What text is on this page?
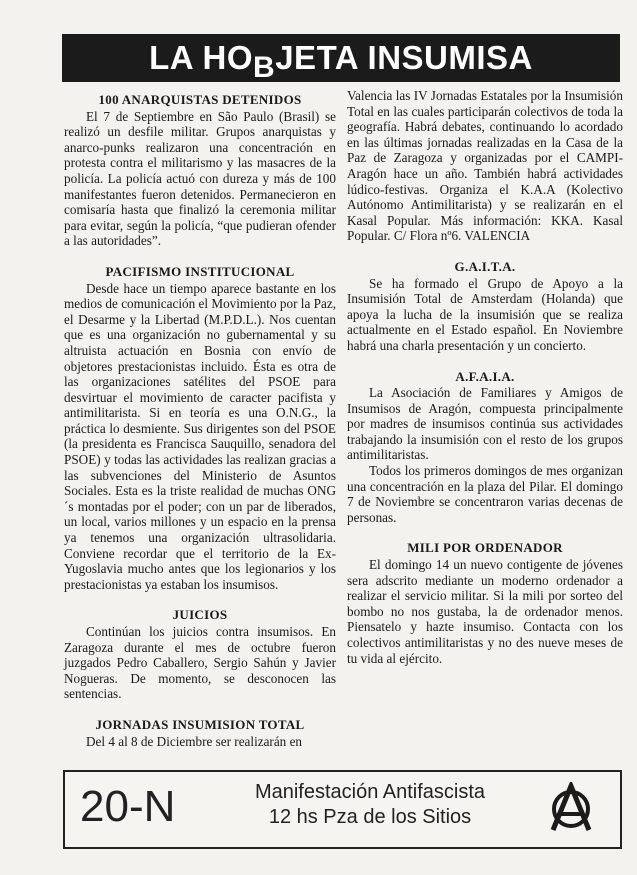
LA HO B JETA INSUMISA
100 ANARQUISTAS DETENIDOS

El 7 de Septiembre en São Paulo (Brasil) se realizó un desfile militar. Grupos anarquistas y anarco-punks realizaron una concentración en protesta contra el militarismo y las masacres de la policía. La policía actuó con dureza y más de 100 manifestantes fueron detenidos. Permanecieron en comisaría hasta que finalizó la ceremonia militar para evitar, según la policía, “que pudieran ofender a las autoridades”.

PACIFISMO INSTITUCIONAL

Desde hace un tiempo aparece bastante en los medios de comunicación el Movimiento por la Paz, el Desarme y la Libertad (M.P.D.L.). Nos cuentan que es una organización no gubernamental y su altruista actuación en Bosnia con envío de objetores prestacionistas incluido. Ésta es otra de las organizaciones satélites del PSOE para desvirtuar el movimiento de caracter pacifista y antimilitarista. Si en teoría es una O.N.G., la práctica lo desmiente. Sus dirigentes son del PSOE (la presidenta es Francisca Sauquillo, senadora del PSOE) y todas las actividades las realizan gracias a las subvenciones del Ministerio de Asuntos Sociales. Esta es la triste realidad de muchas ONG´s montadas por el poder; con un par de liberados, un local, varios millones y un espacio en la prensa ya tenemos una organización ultrasolidaria. Conviene recordar que el territorio de la Ex-Yugoslavia mucho antes que los legionarios y los prestacionistas ya estaban los insumisos.

JUICIOS

Continúan los juicios contra insumisos. En Zaragoza durante el mes de octubre fueron juzgados Pedro Caballero, Sergio Sahún y Javier Nogueras. De momento, se desconocen las sentencias.

JORNADAS INSUMISION TOTAL

Del 4 al 8 de Diciembre ser realizarán en

Valencia las IV Jornadas Estatales por la Insumisión Total en las cuales participarán colectivos de toda la geografía. Habrá debates, continuando lo acordado en las últimas jornadas realizadas en la Casa de la Paz de Zaragoza y organizadas por el CAMPI-Aragón hace un año. También habrá actividades lúdico-festivas. Organiza el K.A.A (Kolectivo Autónomo Antimilitarista) y se realizarán en el Kasal Popular. Más información: KKA. Kasal Popular. C/ Flora nº6. VALENCIA

G.A.I.T.A.

Se ha formado el Grupo de Apoyo a la Insumisión Total de Amsterdam (Holanda) que apoya la lucha de la insumisión que se realiza actualmente en el Estado español. En Noviembre habrá una charla presentación y un concierto.

A.F.A.I.A.

La Asociación de Familiares y Amigos de Insumisos de Aragón, compuesta principalmente por madres de insumisos continúa sus actividades trabajando la insumisión con el resto de los grupos antimilitaristas.

Todos los primeros domingos de mes organizan una concentración en la plaza del Pilar. El domingo 7 de Noviembre se concentraron varias decenas de personas.

MILI POR ORDENADOR

El domingo 14 un nuevo contigente de jóvenes sera adscrito mediante un moderno ordenador a realizar el servicio militar. Si la mili por sorteo del bombo no nos gustaba, la de ordenador menos. Piensatelo y hazte insumiso. Contacta con los colectivos antimilitaristas y no des nueve meses de tu vida al ejército.

20-N	Manifestación Antifascista
12 hs Pza de los Sitios
